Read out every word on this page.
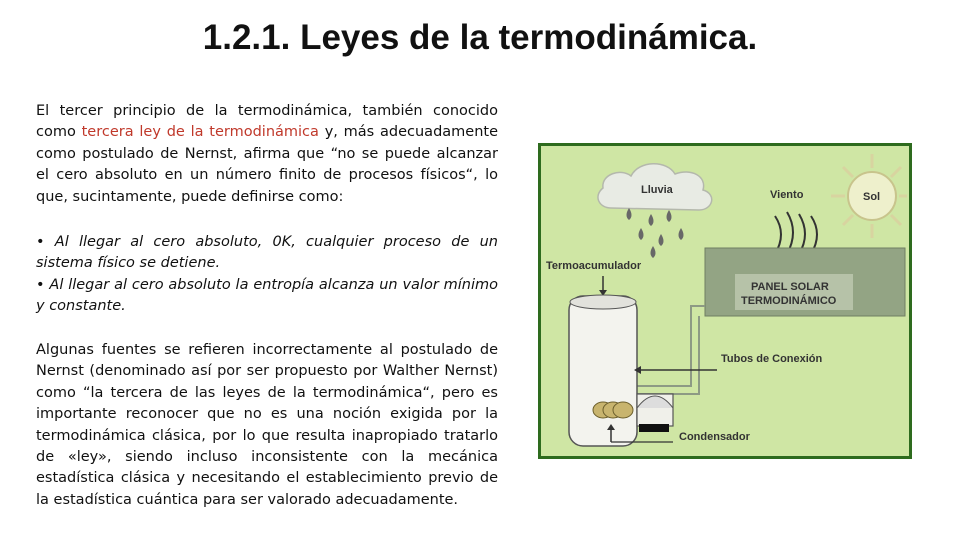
1.2.1. Leyes de la termodinámica.

El tercer principio de la termodinámica, también conocido como tercera ley de la termodinámica y, más adecuadamente como postulado de Nernst, afirma que “no se puede alcanzar el cero absoluto en un número finito de procesos físicos“, lo que, sucintamente, puede definirse como:

• Al llegar al cero absoluto, 0K, cualquier proceso de un sistema físico se detiene.
• Al llegar al cero absoluto la entropía alcanza un valor mínimo y constante.

Algunas fuentes se refieren incorrectamente al postulado de Nernst (denominado así por ser propuesto por Walther Nernst) como “la tercera de las leyes de la termodinámica“, pero es importante reconocer que no es una noción exigida por la termodinámica clásica, por lo que resulta inapropiado tratarlo de «ley», siendo incluso inconsistente con la mecánica estadística clásica y necesitando el establecimiento previo de la estadística cuántica para ser valorado adecuadamente.

Sol
Lluvia	Viento
PANEL SOLAR
TERMODINÁMICO
Termoacumulador
Condensador
Tubos de Conexión
